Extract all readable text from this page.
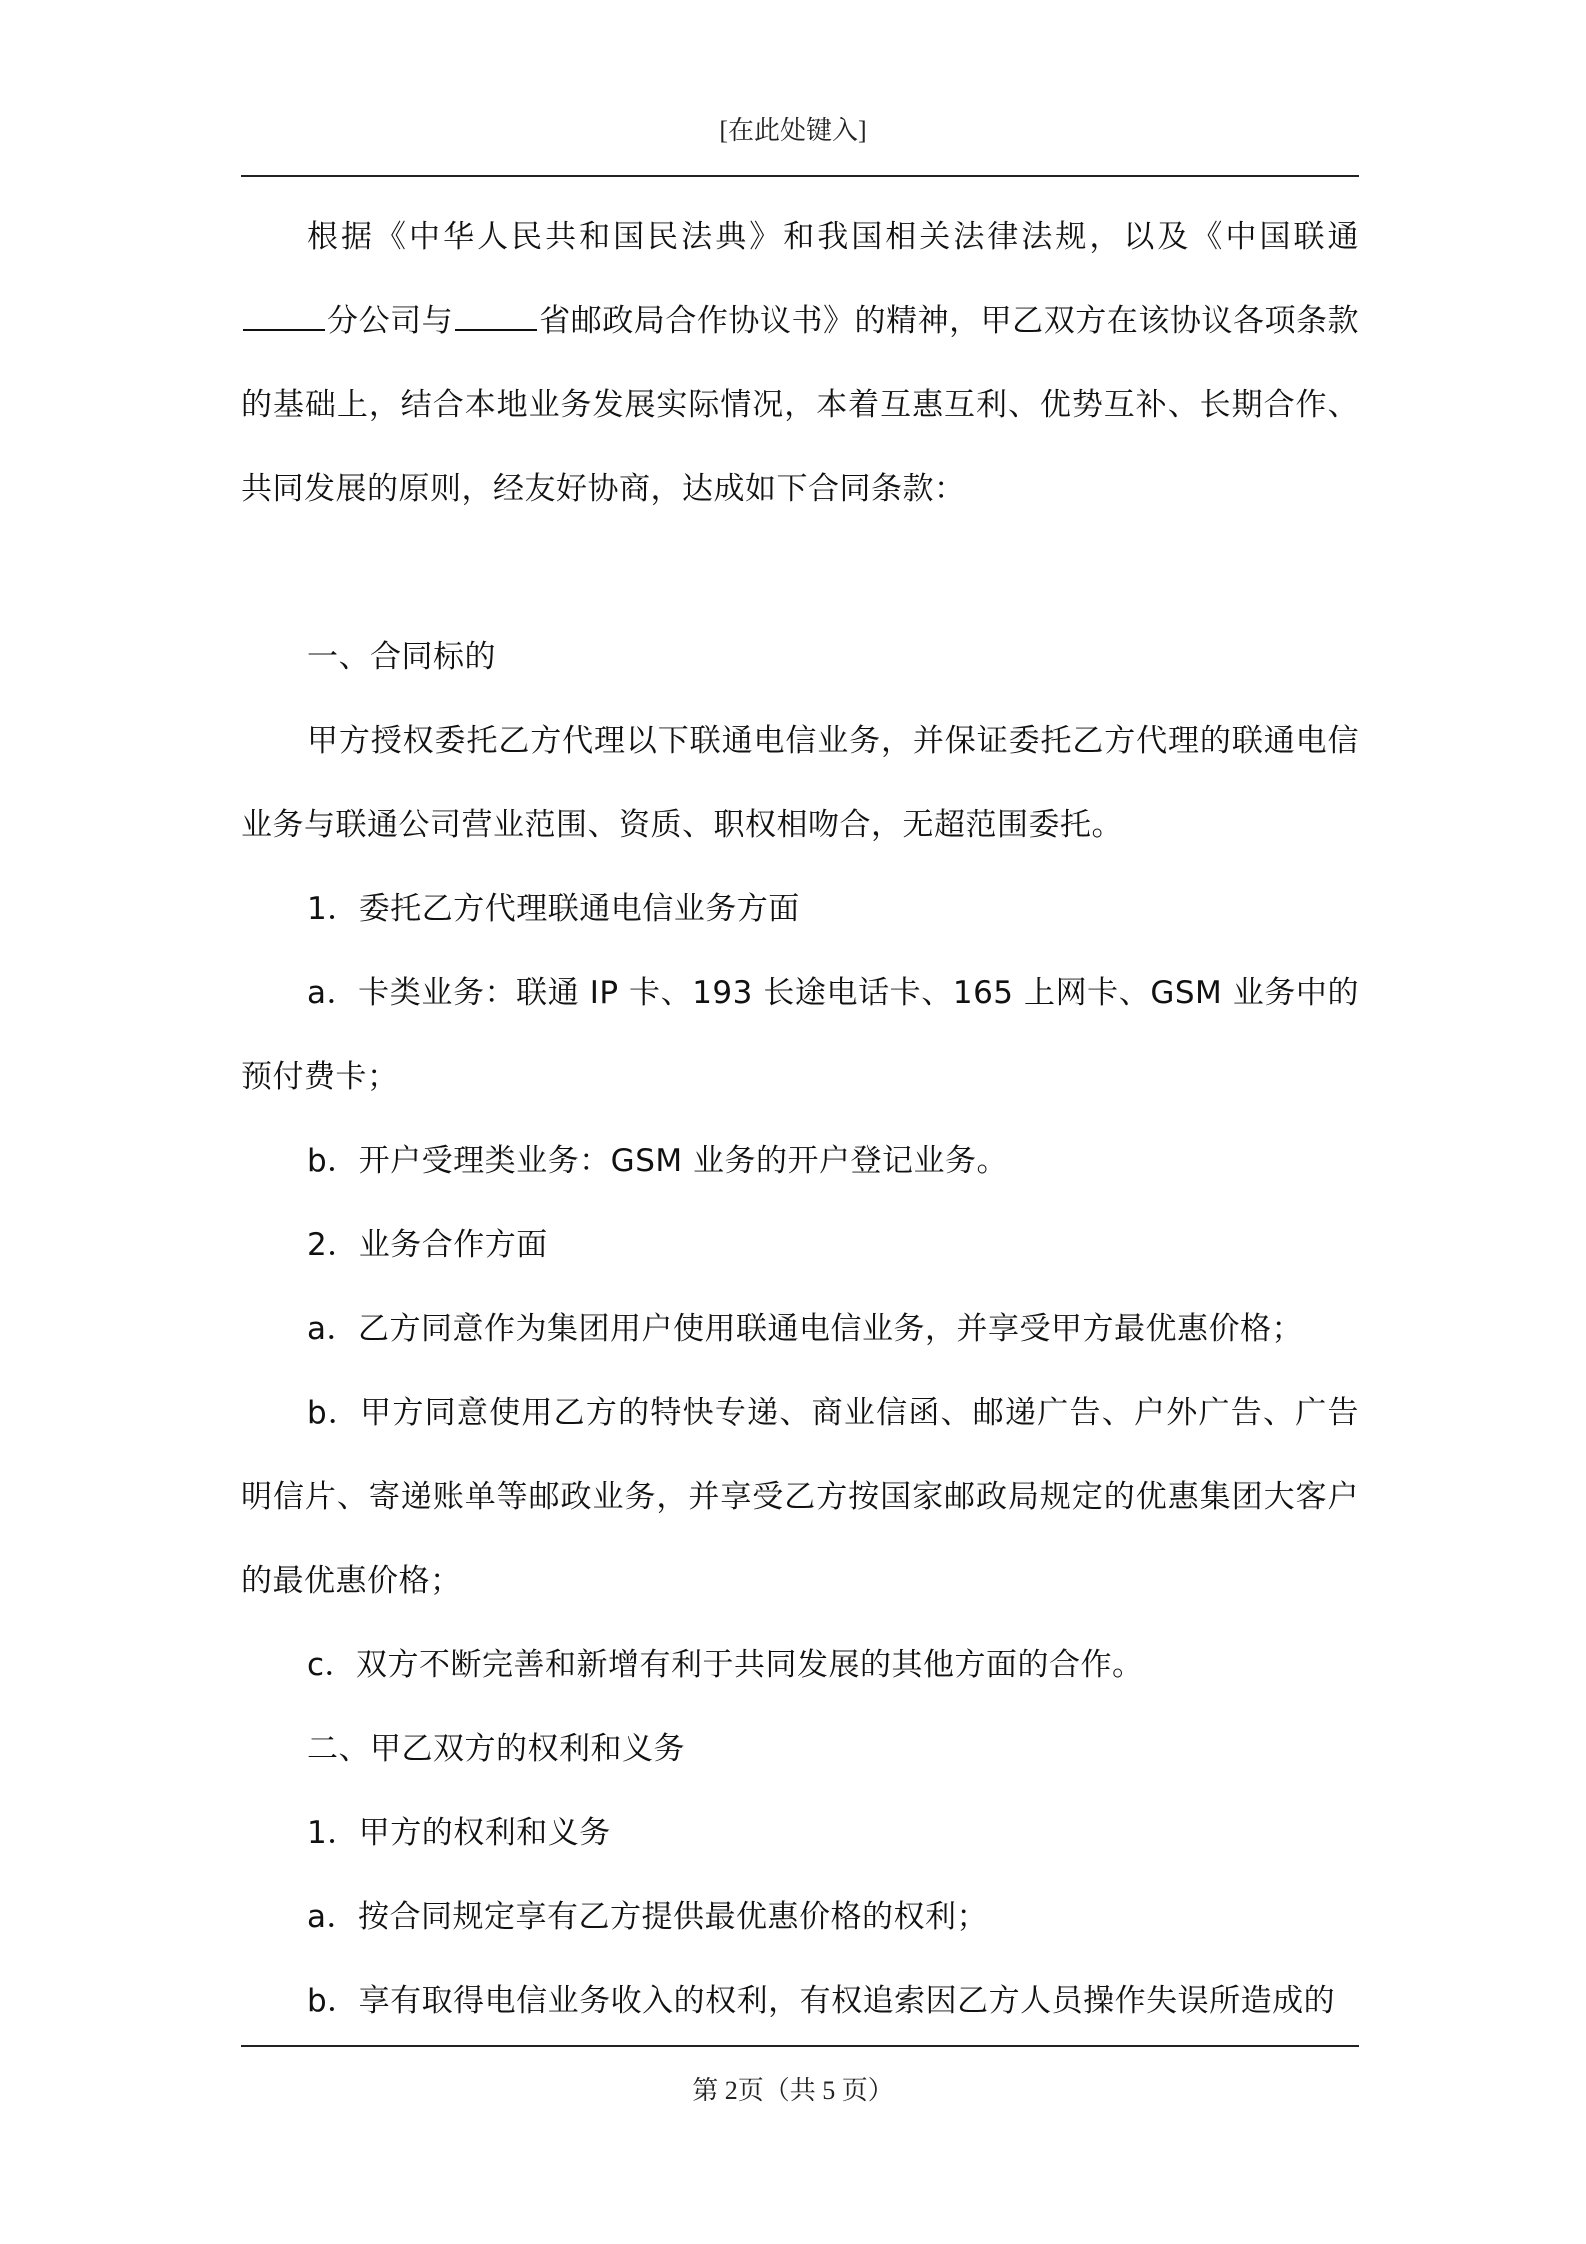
[在此处键入]

根据《中华人民共和国民法典》和我国相关法律法规，以及《中国联通分公司与	省邮政局合作协议书》的精神，甲乙双方在该协议各项条款的基础上，结合本地业务发展实际情况，本着互惠互利、优势互补、长期合作、共同发展的原则，经友好协商，达成如下合同条款：

一、合同标的

甲方授权委托乙方代理以下联通电信业务，并保证委托乙方代理的联通电信业务与联通公司营业范围、资质、职权相吻合，无超范围委托。

1．委托乙方代理联通电信业务方面

a．卡类业务：联通 IP 卡、193 长途电话卡、165 上网卡、GSM 业务中的预付费卡；

b．开户受理类业务：GSM 业务的开户登记业务。

2．业务合作方面

a．乙方同意作为集团用户使用联通电信业务，并享受甲方最优惠价格；

b．甲方同意使用乙方的特快专递、商业信函、邮递广告、户外广告、广告明信片、寄递账单等邮政业务，并享受乙方按国家邮政局规定的优惠集团大客户的最优惠价格；

c．双方不断完善和新增有利于共同发展的其他方面的合作。

二、甲乙双方的权利和义务

1．甲方的权利和义务

a．按合同规定享有乙方提供最优惠价格的权利；

b．享有取得电信业务收入的权利，有权追索因乙方人员操作失误所造成的

第 2页（共 5 页）
